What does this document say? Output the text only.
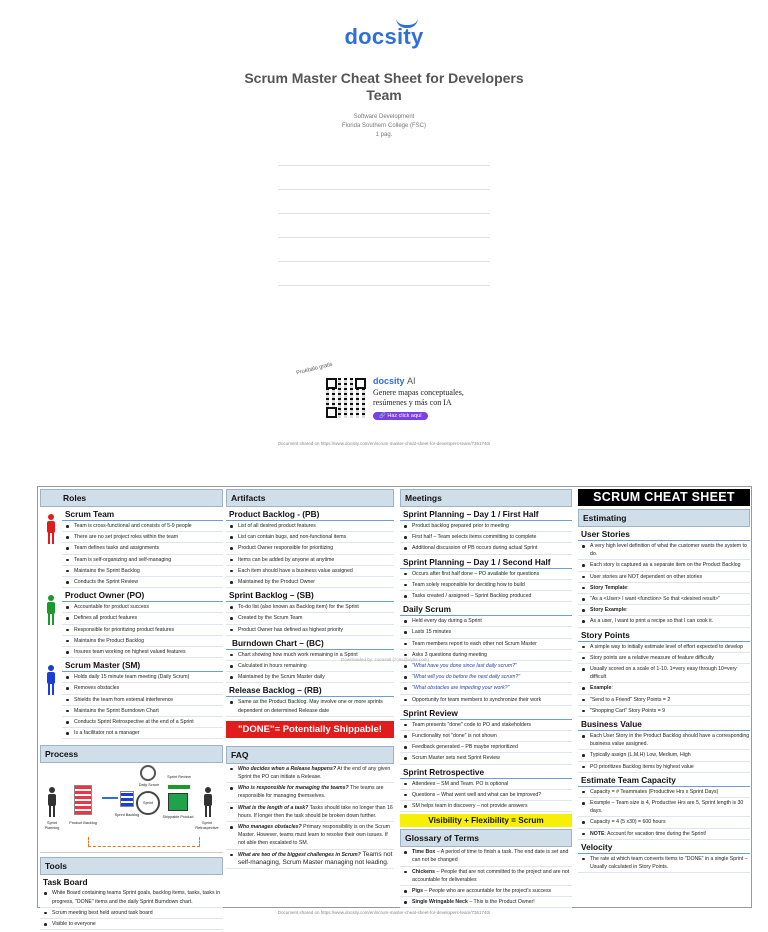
docsity
Scrum Master Cheat Sheet for Developers Team
Software Development
Florida Southern College (FSC)
1 pag.
Pruébalo gratis
docsity AI
Genere mapas conceptuales, resúmenes y más con IA
🔗 Haz click aquí
Document shared on https://www.docsity.com/en/scrum-master-cheat-sheet-for-developers-team/7361740/
Roles
Scrum Team
Team is cross-functional and consists of 5-9 people
There are no set project roles within the team
Team defines tasks and assignments
Team is self-organizing and self-managing
Maintains the Sprint Backlog
Conducts the Sprint Review
Product Owner (PO)
Accountable for product success
Defines all product features
Responsible for prioritizing product features
Maintains the Product Backlog
Insures team working on highest valued features
Scrum Master (SM)
Holds daily 15 minute team meeting (Daily Scrum)
Removes obstacles
Shields the team from external interference
Maintains the Sprint Burndown Chart
Conducts Sprint Retrospective at the end of a Sprint
Is a facilitator not a manager
Process
Sprint Planning
Product Backlog
Sprint Backlog
Daily Scrum
Sprint
Sprint Review
Shippable Product
Sprint Retrospective
Tools
Task Board
White Board containing teams Sprint goals, backlog items, tasks, tasks in progress, "DONE" items and the daily Sprint Burndown chart.
Scrum meeting best held around task board
Visible to everyone
Artifacts
Product Backlog - (PB)
List of all desired product features
List can contain bugs, and non-functional items
Product Owner responsible for prioritizing
Items can be added by anyone at anytime
Each item should have a business value assigned
Maintained by the Product Owner
Sprint Backlog – (SB)
To-do list (also known as Backlog item) for the Sprint
Created by the Scrum Team
Product Owner has defined as highest priority
Burndown Chart – (BC)
Chart showing how much work remaining in a Sprint
Calculated in hours remaining
Maintained by the Scrum Master daily
Release Backlog – (RB)
Same as the Product Backlog. May involve one or more sprints dependent on determined Release date
"DONE"= Potentially Shippable!
FAQ
Who decides when a Release happens? At the end of any given Sprint the PO can initiate a Release.
Who is responsible for managing the teams? The teams are responsible for managing themselves.
What is the length of a task? Tasks should take no longer than 16 hours. If longer then the task should be broken down further.
Who manages obstacles? Primary responsibility is on the Scrum Master. However, teams must learn to resolve their own issues. If not able then escalated to SM.
What are two of the biggest challenges in Scrum? Teams not self-managing, Scrum Master managing not leading.
Meetings
Sprint Planning – Day 1 / First Half
Product backlog prepared prior to meeting
First half – Team selects items committing to complete
Additional discussion of PB occurs during actual Sprint
Sprint Planning – Day 1 / Second Half
Occurs after first half done – PO available for questions
Team solely responsible for deciding how to build
Tasks created / assigned – Sprint Backlog produced
Daily Scrum
Held every day during a Sprint
Lasts 15 minutes
Team members report to each other not Scrum Master
Asks 3 questions during meeting
"What have you done since last daily scrum?"
"What will you do before the next daily scrum?"
"What obstacles are impeding your work?"
Opportunity for team members to synchronize their work
Sprint Review
Team presents "done" code to PO and stakeholders
Functionality not "done" is not shown
Feedback generated – PB maybe reprioritized
Scrum Master sets next Sprint Review
Sprint Retrospective
Attendees – SM and Team. PO is optional
Questions – What went well and what can be improved?
SM helps team in discovery – not provide answers
Visibility + Flexibility = Scrum
Glossary of Terms
Time Box – A period of time to finish a task. The end date is set and can not be changed
Chickens – People that are not committed to the project and are not accountable for deliverables
Pigs – People who are accountable for the project's success
Single Wringable Neck – This is the Product Owner!
SCRUM CHEAT SHEET
Estimating
User Stories
A very high level definition of what the customer wants the system to do.
Each story is captured as a separate item on the Product Backlog
User stories are NOT dependent on other stories
Story Template:
"As a <User> I want <function> So that <desired result>"
Story Example:
As a user, I want to print a recipe so that I can cook it.
Story Points
A simple way to initially estimate level of effort expected to develop
Story points are a relative measure of feature difficulty
Usually scored on a scale of 1-10. 1=very easy through 10=very difficult
Example:
"Send to a Friend" Story Points = 2
"Shopping Cart" Story Points = 9
Business Value
Each User Story in the Product Backlog should have a corresponding business value assigned.
Typically assign (L,M,H) Low, Medium, High
PO prioritizes Backlog items by highest value
Estimate Team Capacity
Capacity = # Teammates (Productive Hrs x Sprint Days)
Example – Team size is 4, Productive Hrs are 5, Sprint length is 30 days.
Capacity = 4 (5 x30) = 600 hours
NOTE: Account for vacation time during the Sprint!
Velocity
The rate at which team converts items to "DONE" in a single Sprint – Usually calculated in Story Points.
Downloaded by: zoeastel (zoes@vyba.com)
Document shared on https://www.docsity.com/en/scrum-master-cheat-sheet-for-developers-team/7361740/
